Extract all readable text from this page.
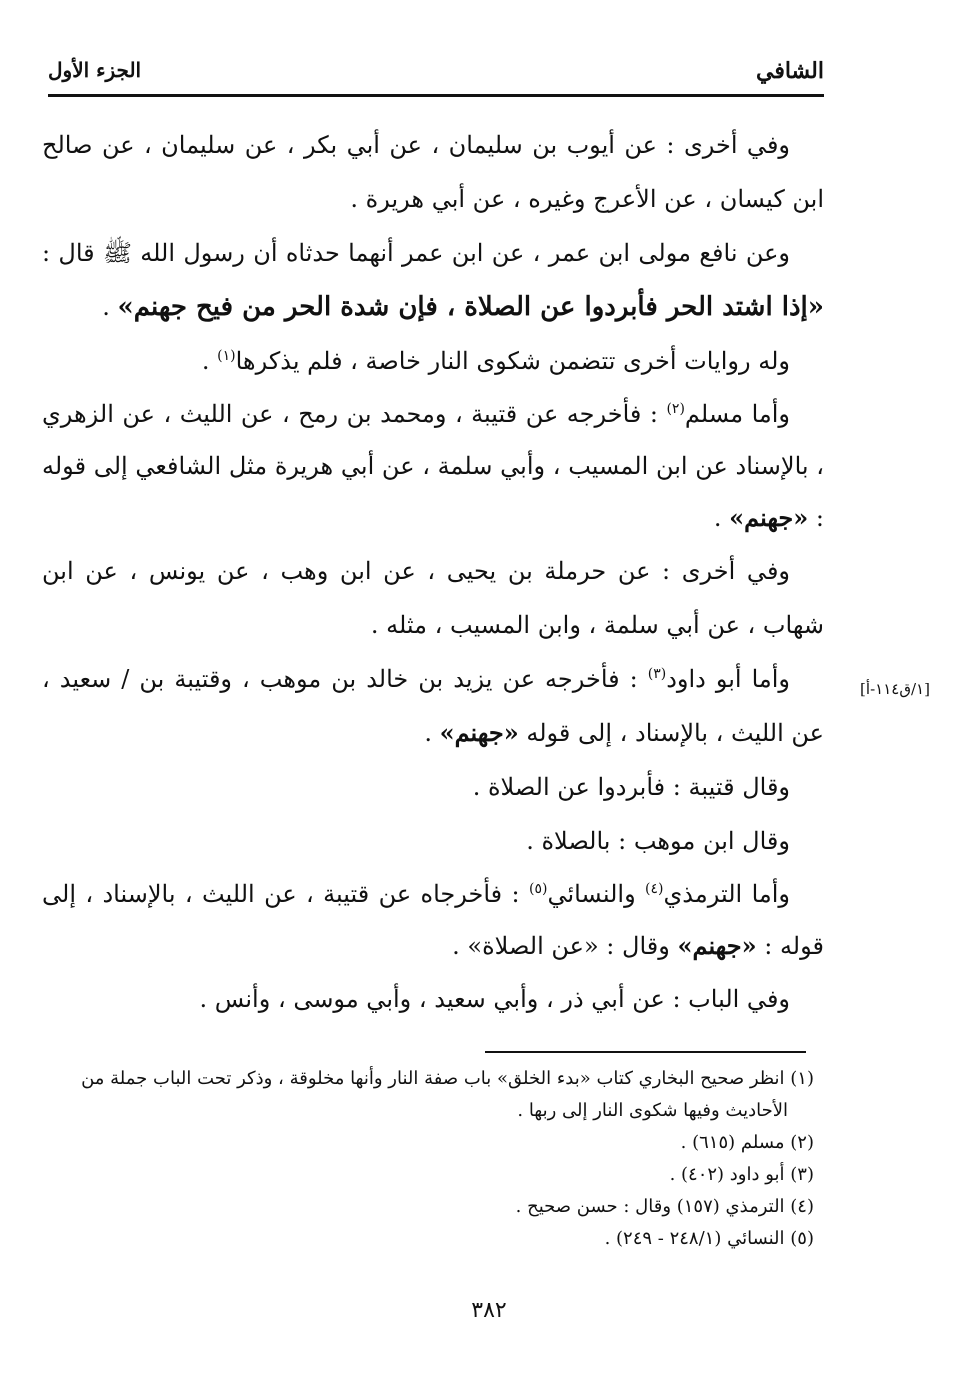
الشافي
الجزء الأول

وفي أخرى : عن أيوب بن سليمان ، عن أبي بكر ، عن سليمان ، عن صالح ابن كيسان ، عن الأعرج وغيره ، عن أبي هريرة .

وعن نافع مولى ابن عمر ، عن ابن عمر أنهما حدثاه أن رسول الله ﷺ قال : «إذا اشتد الحر فأبردوا عن الصلاة ، فإن شدة الحر من فيح جهنم» .

وله روايات أخرى تتضمن شكوى النار خاصة ، فلم يذكرها$^{(١)}$ .

وأما مسلم$^{(٢)}$ : فأخرجه عن قتيبة ، ومحمد بن رمح ، عن الليث ، عن الزهري ، بالإسناد عن ابن المسيب ، وأبي سلمة ، عن أبي هريرة مثل الشافعي إلى قوله : «جهنم» .

وفي أخرى : عن حرملة بن يحيى ، عن ابن وهب ، عن يونس ، عن ابن شهاب ، عن أبي سلمة ، وابن المسيب ، مثله .

وأما أبو داود$^{(٣)}$ : فأخرجه عن يزيد بن خالد بن موهب ، وقتيبة بن / سعيد ، عن الليث ، بالإسناد ، إلى قوله «جهنم» .

وقال قتيبة : فأبردوا عن الصلاة .

وقال ابن موهب : بالصلاة .

وأما الترمذي$^{(٤)}$ والنسائي$^{(٥)}$ : فأخرجاه عن قتيبة ، عن الليث ، بالإسناد ، إلى قوله : «جهنم» وقال : «عن الصلاة» .

وفي الباب : عن أبي ذر ، وأبي سعيد ، وأبي موسى ، وأنس .

[١/ق١١٤-أ]

(١) انظر صحيح البخاري كتاب «بدء الخلق» باب صفة النار وأنها مخلوقة ، وذكر تحت الباب جملة من

الأحاديث وفيها شكوى النار إلى ربها .

(٢) مسلم (٦١٥) .

(٣) أبو داود (٤٠٢) .

(٤) الترمذي (١٥٧) وقال : حسن صحيح .

(٥) النسائي (٢٤٨/١ - ٢٤٩) .

٣٨٢
